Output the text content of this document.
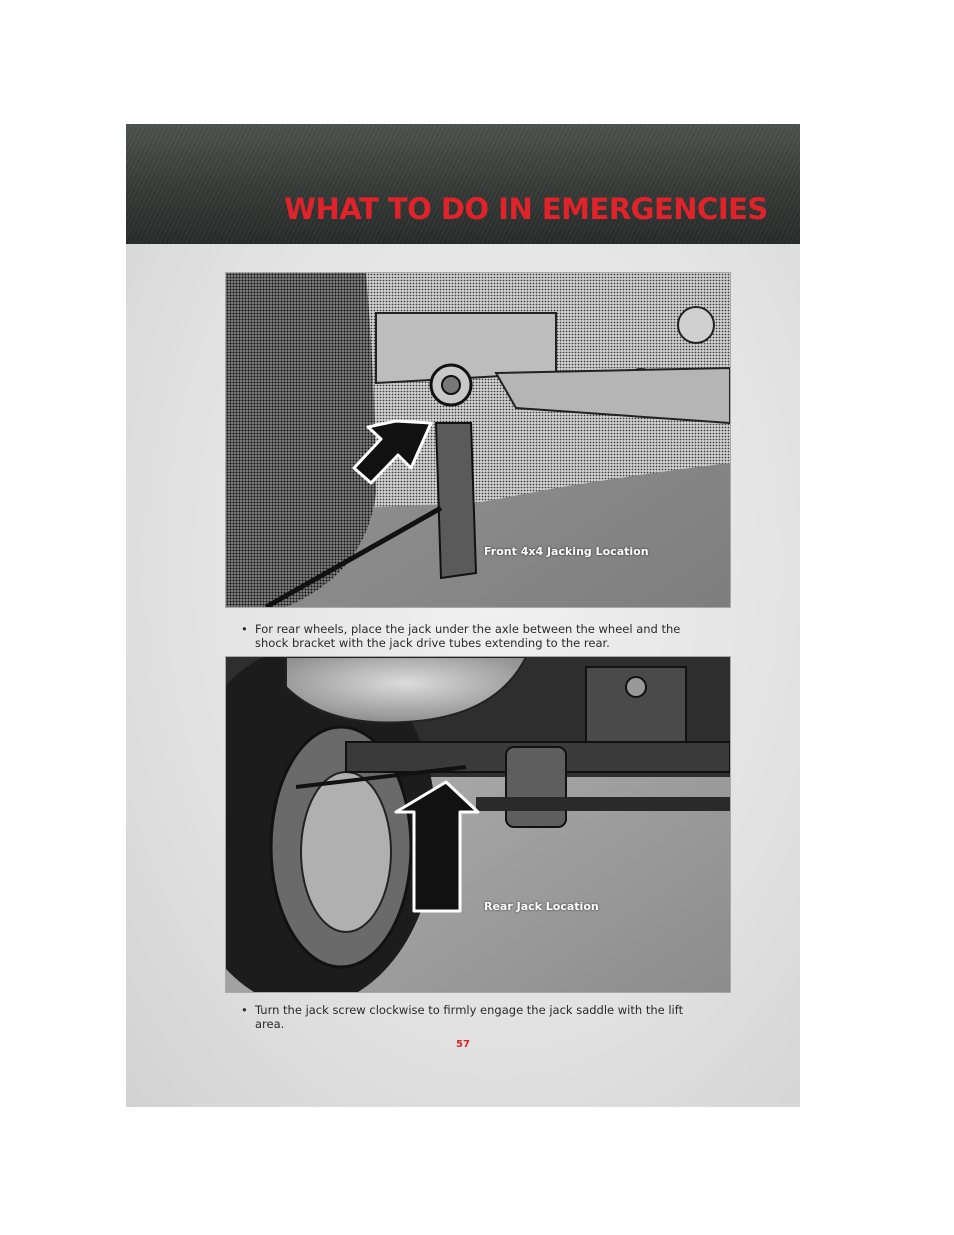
WHAT TO DO IN EMERGENCIES
Front 4x4 Jacking Location
• For rear wheels, place the jack under the axle between the wheel and the shock bracket with the jack drive tubes extending to the rear.
Rear Jack Location
• Turn the jack screw clockwise to firmly engage the jack saddle with the lift area.
57
